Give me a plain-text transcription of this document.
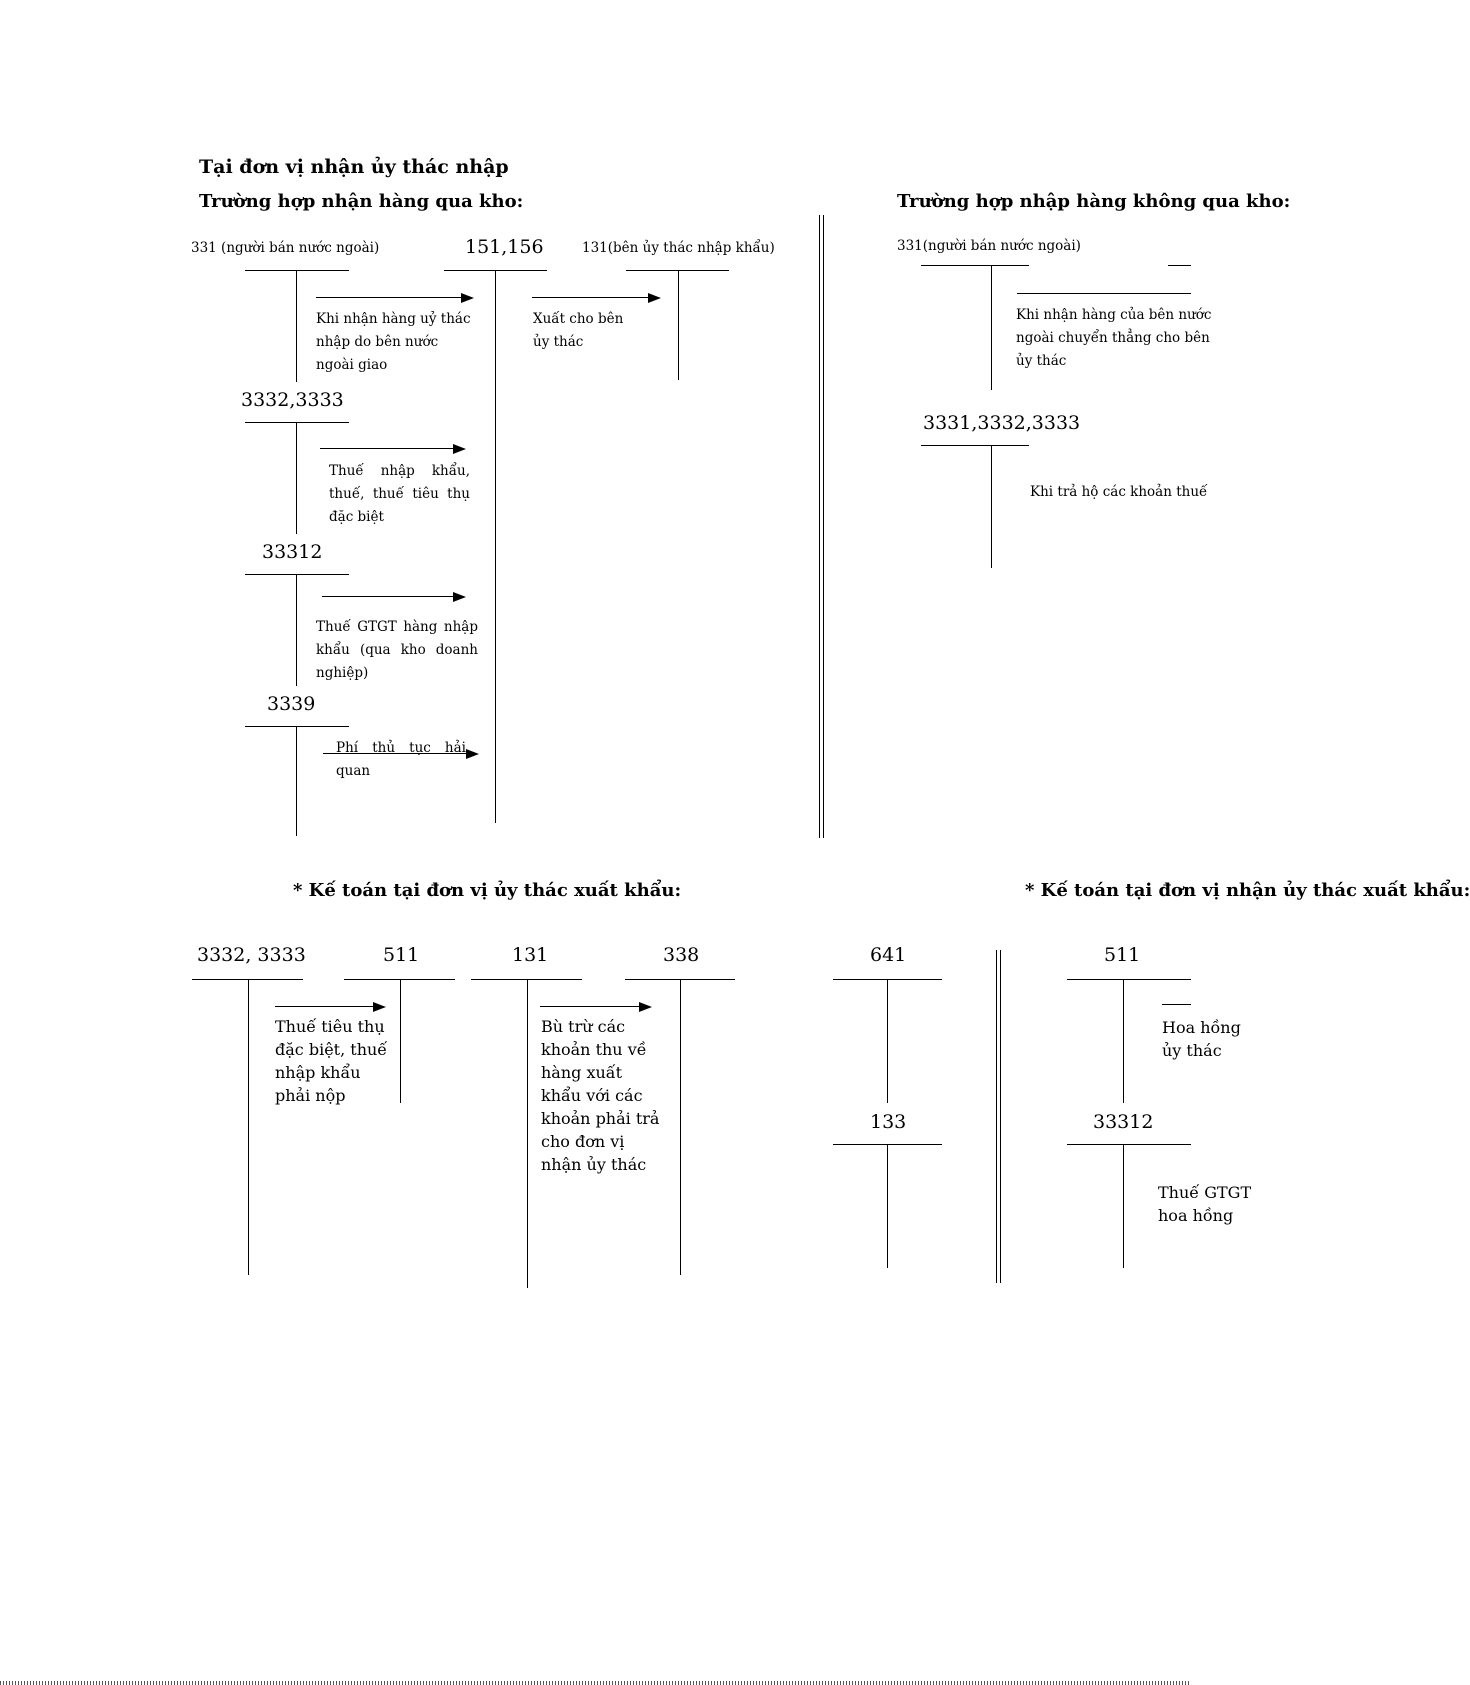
Tại đơn vị nhận ủy thác nhập
Trường hợp nhận hàng qua kho:	Trường hợp nhập hàng không qua kho:
331 (người bán nước ngoài)	151,156	131(bên ủy thác nhập khẩu)
Khi nhận hàng uỷ thác nhập do bên nước ngoài giao
Xuất cho bên ủy thác
3332,3333
Thuế nhập khẩu, thuế, thuế tiêu thụ đặc biệt
33312
Thuế GTGT hàng nhập khẩu (qua kho doanh nghiệp)
3339
Phí thủ tục hải quan
331(người bán nước ngoài)
Khi nhận hàng của bên nước ngoài chuyển thẳng cho bên ủy thác
3331,3332,3333
Khi trả hộ các khoản thuế
* Kế toán tại đơn vị ủy thác xuất khẩu:	* Kế toán tại đơn vị nhận ủy thác xuất khẩu:
3332, 3333	511
Thuế tiêu thụ đặc biệt, thuế nhập khẩu phải nộp
131	338
Bù trừ các khoản thu về hàng xuất khẩu với các khoản phải trả cho đơn vị nhận ủy thác
641
133
511
Hoa hồng ủy thác
33312
Thuế GTGT hoa hồng
